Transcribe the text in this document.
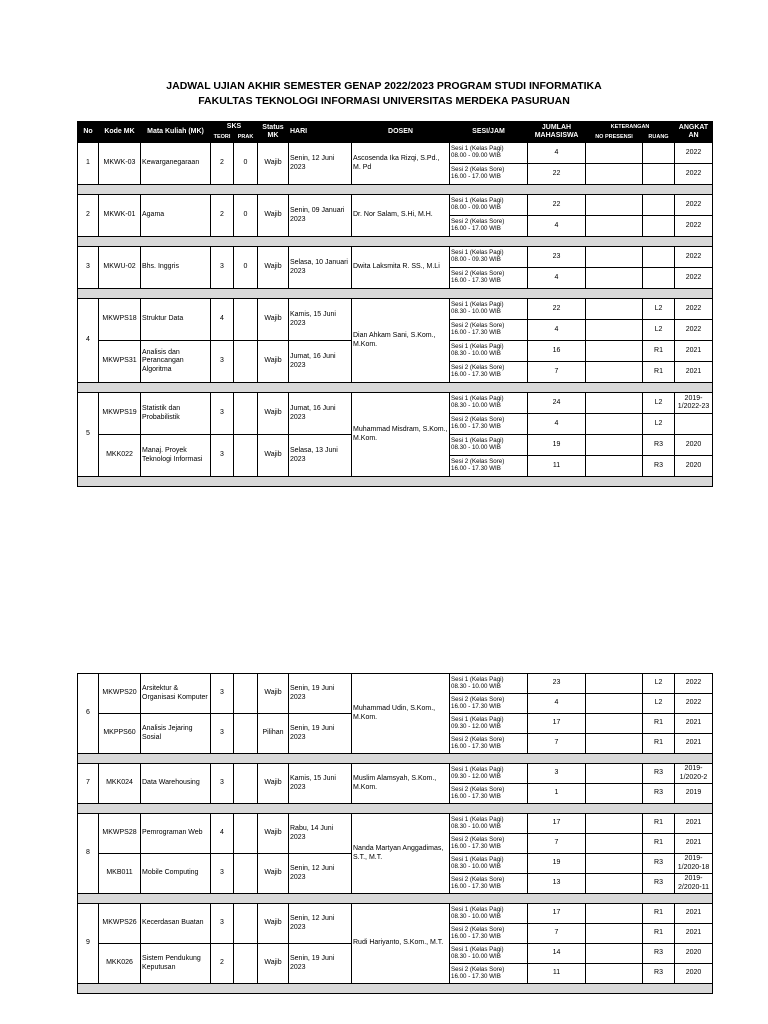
JADWAL UJIAN AKHIR SEMESTER GENAP 2022/2023 PROGRAM STUDI INFORMATIKA
FAKULTAS TEKNOLOGI INFORMASI UNIVERSITAS MERDEKA PASURUAN
No	Kode MK	Mata Kuliah (MK)	SKS		Status MK	HARI	DOSEN	SESI/JAM	JUMLAH MAHASISWA	KETERANGAN		ANGKAT AN
			TEORI	PRAK						NO PRESENSI	RUANG	
1	MKWK-03	Kewarganegaraan	2	0	Wajib	Senin, 12 Juni 2023	Ascosenda Ika Rizqi, S.Pd., M. Pd	Sesi 1 (Kelas Pagi)
08.00 - 09.00 WIB	4			2022
								Sesi 2 (Kelas Sore)
16.00 - 17.00 WIB	22			2022

2	MKWK-01	Agama	2	0	Wajib	Senin, 09 Januari 2023	Dr. Nor Salam, S.Hi, M.H.	Sesi 1 (Kelas Pagi)
08.00 - 09.00 WIB	22			2022
								Sesi 2 (Kelas Sore)
16.00 - 17.00 WIB	4			2022

3	MKWU-02	Bhs. Inggris	3	0	Wajib	Selasa, 10 Januari 2023	Dwita Laksmita R. SS., M.Li	Sesi 1 (Kelas Pagi)
08.00 - 09.30 WIB	23			2022
								Sesi 2 (Kelas Sore)
16.00 - 17.30 WIB	4			2022

4	MKWPS18	Struktur Data	4		Wajib	Kamis, 15 Juni 2023	Dian Ahkam Sani, S.Kom., M.Kom.	Sesi 1 (Kelas Pagi)
08.30 - 10.00 WIB	22		L2	2022
								Sesi 2 (Kelas Sore)
16.00 - 17.30 WIB	4		L2	2022
	MKWPS31	Analisis dan Perancangan Algoritma	3		Wajib	Jumat, 16 Juni 2023		Sesi 1 (Kelas Pagi)
08.30 - 10.00 WIB	16		R1	2021
								Sesi 2 (Kelas Sore)
16.00 - 17.30 WIB	7		R1	2021

5	MKWPS19	Statistik dan Probabilistik	3		Wajib	Jumat, 16 Juni 2023	Muhammad Misdram, S.Kom., M.Kom.	Sesi 1 (Kelas Pagi)
08.30 - 10.00 WIB	24		L2	2019-1/2022-23
								Sesi 2 (Kelas Sore)
16.00 - 17.30 WIB	4		L2	
	MKK022	Manaj. Proyek Teknologi Informasi	3		Wajib	Selasa, 13 Juni 2023		Sesi 1 (Kelas Pagi)
08.30 - 10.00 WIB	19		R3	2020
								Sesi 2 (Kelas Sore)
16.00 - 17.30 WIB	11		R3	2020

6	MKWPS20	Arsitektur & Organisasi Komputer	3		Wajib	Senin, 19 Juni 2023	Muhammad Udin, S.Kom., M.Kom.	Sesi 1 (Kelas Pagi)
08.30 - 10.00 WIB	23		L2	2022
								Sesi 2 (Kelas Sore)
16.00 - 17.30 WIB	4		L2	2022
	MKPPS60	Analisis Jejaring Sosial	3		Pilihan	Senin, 19 Juni 2023		Sesi 1 (Kelas Pagi)
09.30 - 12.00 WIB	17		R1	2021
								Sesi 2 (Kelas Sore)
16.00 - 17.30 WIB	7		R1	2021

7	MKK024	Data Warehousing	3		Wajib	Kamis, 15 Juni 2023	Muslim Alamsyah, S.Kom., M.Kom.	Sesi 1 (Kelas Pagi)
09.30 - 12.00 WIB	3		R3	2019-1/2020-2
								Sesi 2 (Kelas Sore)
16.00 - 17.30 WIB	1		R3	2019

8	MKWPS28	Pemrograman Web	4		Wajib	Rabu, 14 Juni 2023	Nanda Martyan Anggadimas, S.T., M.T.	Sesi 1 (Kelas Pagi)
08.30 - 10.00 WIB	17		R1	2021
								Sesi 2 (Kelas Sore)
16.00 - 17.30 WIB	7		R1	2021
	MKB011	Mobile Computing	3		Wajib	Senin, 12 Juni 2023		Sesi 1 (Kelas Pagi)
08.30 - 10.00 WIB	19		R3	2019-1/2020-18
								Sesi 2 (Kelas Sore)
16.00 - 17.30 WIB	13		R3	2019-2/2020-11

9	MKWPS26	Kecerdasan Buatan	3		Wajib	Senin, 12 Juni 2023	Rudi Hariyanto, S.Kom., M.T.	Sesi 1 (Kelas Pagi)
08.30 - 10.00 WIB	17		R1	2021
								Sesi 2 (Kelas Sore)
16.00 - 17.30 WIB	7		R1	2021
	MKK026	Sistem Pendukung Keputusan	2		Wajib	Senin, 19 Juni 2023		Sesi 1 (Kelas Pagi)
08.30 - 10.00 WIB	14		R3	2020
								Sesi 2 (Kelas Sore)
16.00 - 17.30 WIB	11		R3	2020
